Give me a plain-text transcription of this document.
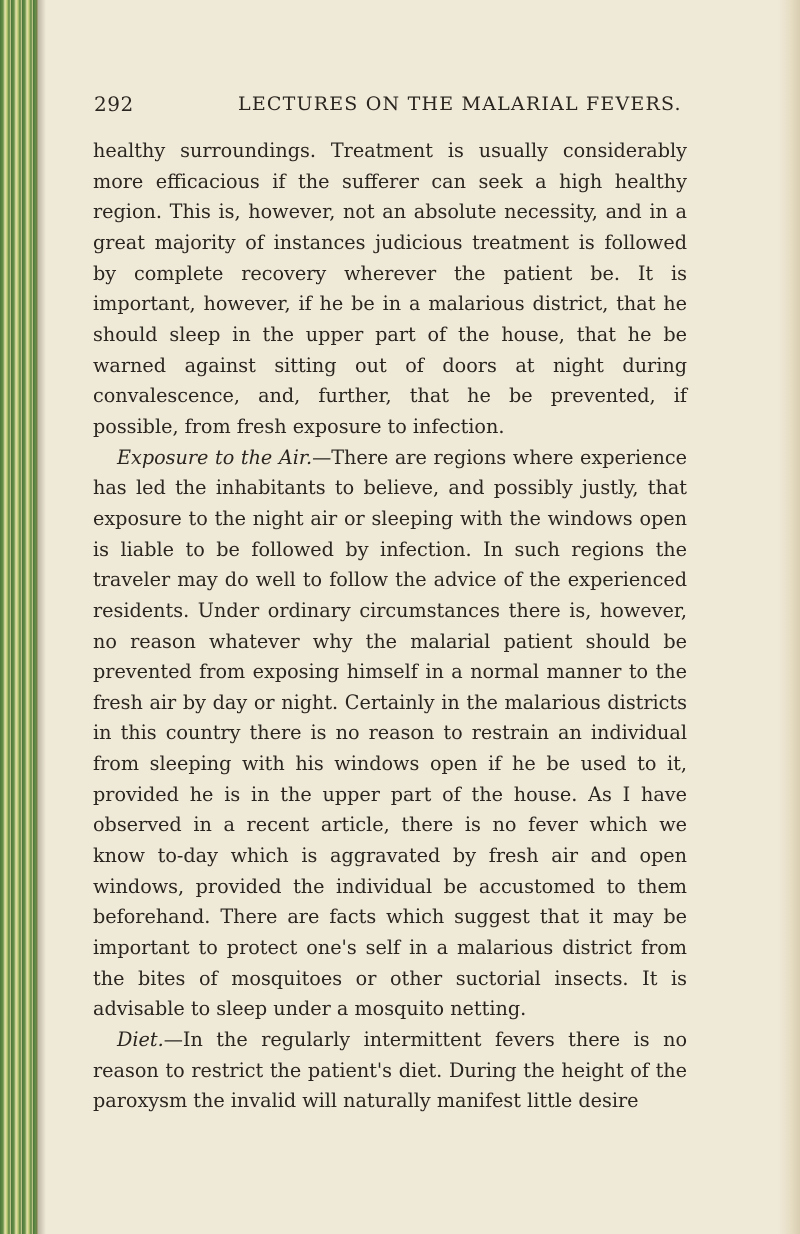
292	LECTURES ON THE MALARIAL FEVERS.

healthy surroundings. Treatment is usually considerably more efficacious if the sufferer can seek a high healthy region. This is, however, not an absolute necessity, and in a great majority of instances judicious treatment is followed by complete recovery wherever the patient be. It is important, however, if he be in a malarious district, that he should sleep in the upper part of the house, that he be warned against sitting out of doors at night during convalescence, and, further, that he be prevented, if possible, from fresh exposure to infection.

Exposure to the Air.—There are regions where experience has led the inhabitants to believe, and possibly justly, that exposure to the night air or sleeping with the windows open is liable to be followed by infection. In such regions the traveler may do well to follow the advice of the experienced residents. Under ordinary circumstances there is, however, no reason whatever why the malarial patient should be prevented from exposing himself in a normal manner to the fresh air by day or night. Certainly in the malarious districts in this country there is no reason to restrain an individual from sleeping with his windows open if he be used to it, provided he is in the upper part of the house. As I have observed in a recent article, there is no fever which we know to-day which is aggravated by fresh air and open windows, provided the individual be accustomed to them beforehand. There are facts which suggest that it may be important to protect one's self in a malarious district from the bites of mosquitoes or other suctorial insects. It is advisable to sleep under a mosquito netting.

Diet.—In the regularly intermittent fevers there is no reason to restrict the patient's diet. During the height of the paroxysm the invalid will naturally manifest little desire
